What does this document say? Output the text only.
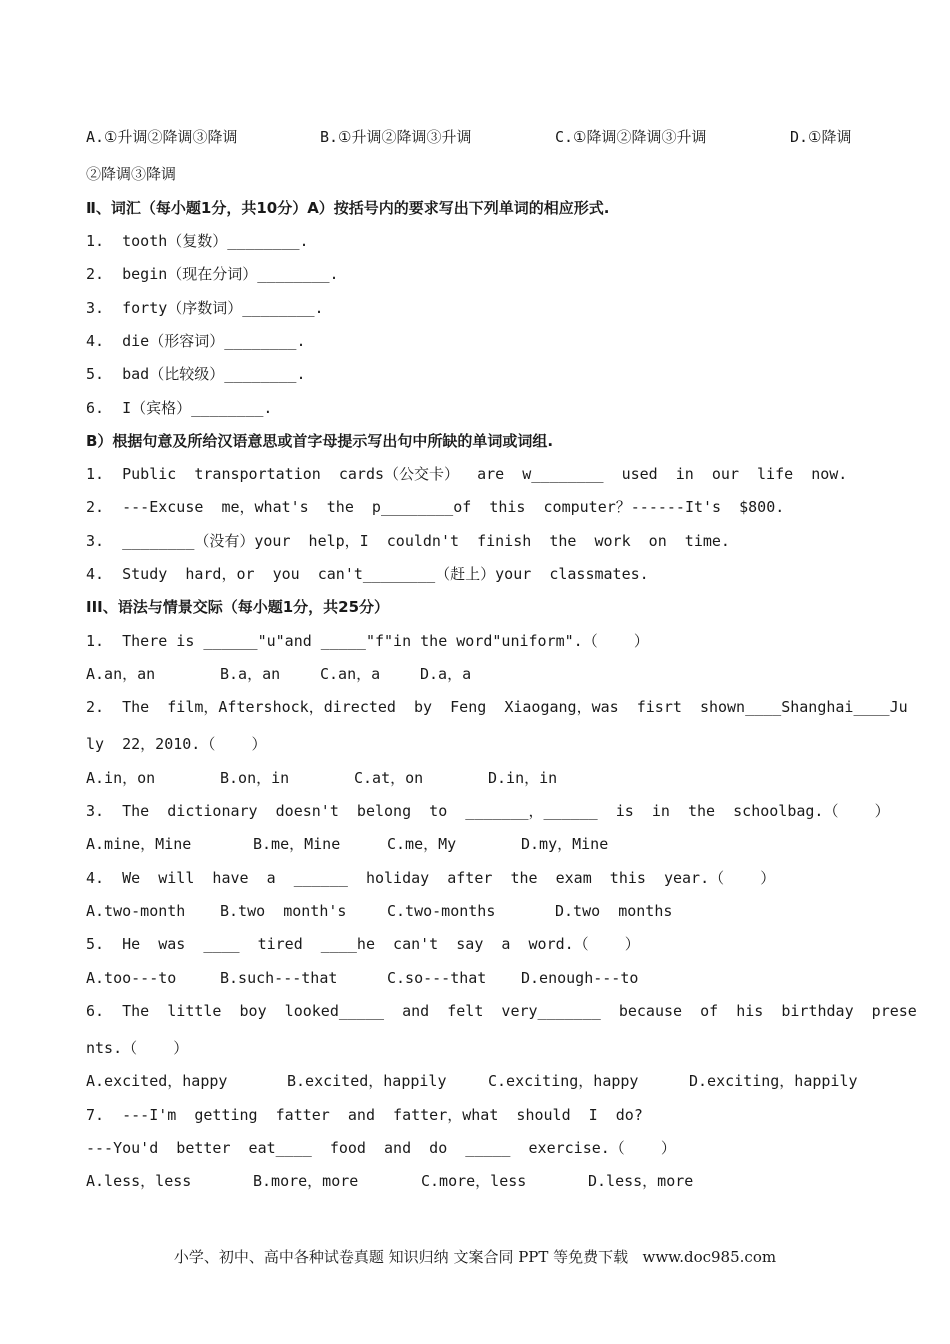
A.①升调②降调③降调	B.①升调②降调③升调	C.①降调②降调③升调	D.①降调
②降调③降调
Ⅱ、词汇（每小题1分，共10分）A）按括号内的要求写出下列单词的相应形式.
1.  tooth（复数）________.
2.  begin（现在分词）________.
3.  forty（序数词）________.
4.  die（形容词）________.
5.  bad（比较级）________.
6.  I（宾格）________.
B）根据句意及所给汉语意思或首字母提示写出句中所缺的单词或词组.
1.  Public  transportation  cards（公交卡）  are  w________  used  in  our  life  now.
2.  ---Excuse  me，what's  the  p________of  this  computer？------It's  $800.
3.  ________（没有）your  help，I  couldn't  finish  the  work  on  time.
4.  Study  hard，or  you  can't________（赶上）your  classmates.
III、语法与情景交际（每小题1分，共25分）
1.  There is ______"u"and _____"f"in the word"uniform".（    ）
A.an，an	B.a，an	C.an，a	D.a，a
2.  The  film，Aftershock，directed  by  Feng  Xiaogang，was  fisrt  shown____Shanghai____Ju
ly  22，2010.（    ）
A.in，on	B.on，in	C.at，on	D.in，in
3.  The  dictionary  doesn't  belong  to  _______，______  is  in  the  schoolbag.（    ）
A.mine，Mine	B.me，Mine	C.me，My	D.my，Mine
4.  We  will  have  a  ______  holiday  after  the  exam  this  year.（    ）
A.two-month B.two  month's	C.two-months	D.two  months
5.  He  was  ____  tired  ____he  can't  say  a  word.（    ）
A.too---to	B.such---that	C.so---that D.enough---to
6.  The  little  boy  looked_____  and  felt  very_______  because  of  his  birthday  prese
nts.（    ）
A.excited，happy	B.excited，happily	C.exciting，happy	D.exciting，happily
7.  ---I'm  getting  fatter  and  fatter，what  should  I  do?
---You'd  better  eat____  food  and  do  _____  exercise.（    ）
A.less，less	B.more，more	C.more，less	D.less，more
小学、初中、高中各种试卷真题 知识归纳 文案合同 PPT 等免费下载   www.doc985.com
